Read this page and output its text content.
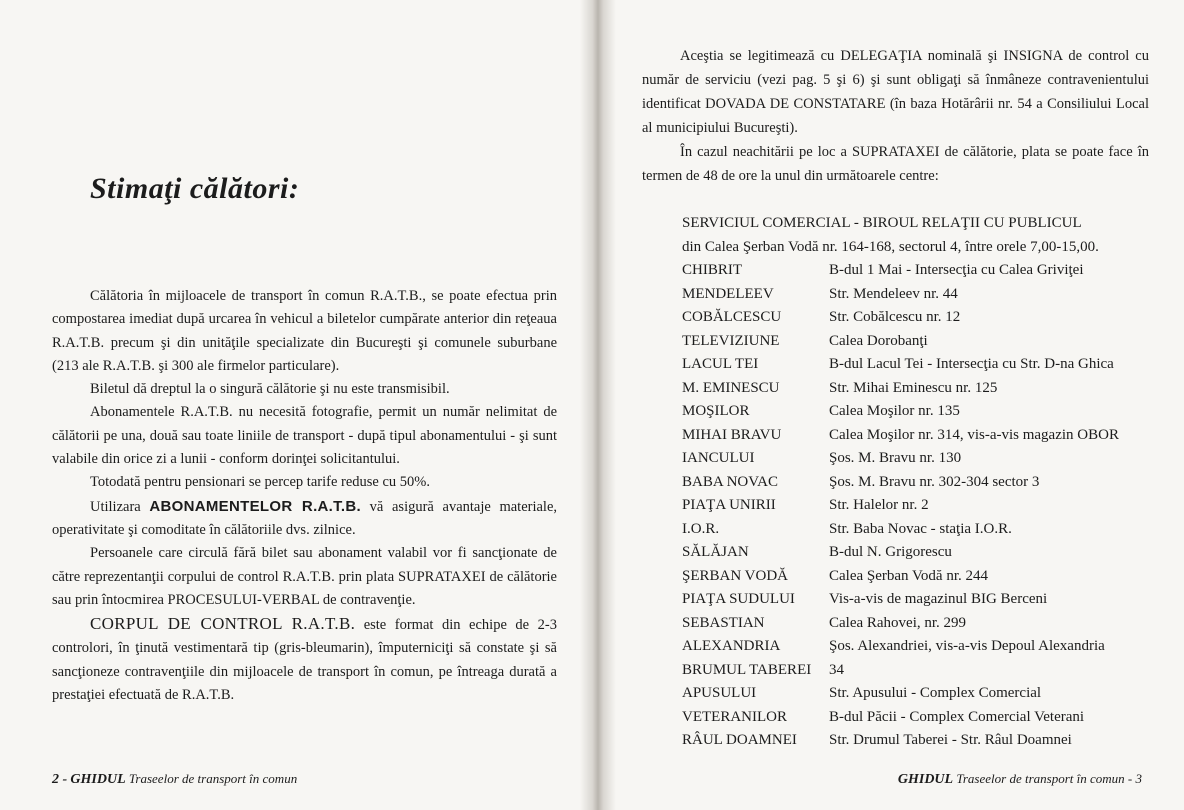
Stimaţi călători:

Călătoria în mijloacele de transport în comun R.A.T.B., se poate efectua prin compostarea imediat după urcarea în vehicul a biletelor cumpărate anterior din reţeaua R.A.T.B. precum şi din unităţile specializate din Bucureşti şi comunele suburbane (213 ale R.A.T.B. şi 300 ale firmelor particulare).

Biletul dă dreptul la o singură călătorie şi nu este transmisibil.

Abonamentele R.A.T.B. nu necesită fotografie, permit un număr nelimitat de călătorii pe una, două sau toate liniile de transport - după tipul abonamentului - şi sunt valabile din orice zi a lunii - conform dorinţei solicitantului.

Totodată pentru pensionari se percep tarife reduse cu 50%.

Utilizara ABONAMENTELOR R.A.T.B. vă asigură avantaje materiale, operativitate şi comoditate în călătoriile dvs. zilnice.

Persoanele care circulă fără bilet sau abonament valabil vor fi sancţionate de către reprezentanţii corpului de control R.A.T.B. prin plata SUPRATAXEI de călătorie sau prin întocmirea PROCESULUI-VERBAL de contravenţie.

CORPUL DE CONTROL R.A.T.B. este format din echipe de 2-3 controlori, în ţinută vestimentară tip (gris-bleumarin), împuterniciţi să constate şi să sancţioneze contravenţiile din mijloacele de transport în comun, pe întreaga durată a prestaţiei efectuată de R.A.T.B.

2 - GHIDUL Traseelor de transport în comun

Aceştia se legitimează cu DELEGAŢIA nominală şi INSIGNA de control cu număr de serviciu (vezi pag. 5 şi 6) şi sunt obligaţi să înmâneze contravenientului identificat DOVADA DE CONSTATARE (în baza Hotărârii nr. 54 a Consiliului Local al municipiului Bucureşti).

În cazul neachitării pe loc a SUPRATAXEI de călătorie, plata se poate face în termen de 48 de ore la unul din următoarele centre:

SERVICIUL COMERCIAL - BIROUL RELAŢII CU PUBLICUL
din Calea Şerban Vodă nr. 164-168, sectorul 4, între orele 7,00-15,00.
CHIBRIT	B-dul 1 Mai - Intersecţia cu Calea Griviţei
MENDELEEV	Str. Mendeleev nr. 44
COBĂLCESCU	Str. Cobălcescu nr. 12
TELEVIZIUNE	Calea Dorobanţi
LACUL TEI	B-dul Lacul Tei - Intersecţia cu Str. D-na Ghica
M. EMINESCU	Str. Mihai Eminescu nr. 125
MOŞILOR	Calea Moşilor nr. 135
MIHAI BRAVU	Calea Moşilor nr. 314, vis-a-vis magazin OBOR
IANCULUI	Şos. M. Bravu nr. 130
BABA NOVAC	Şos. M. Bravu nr. 302-304 sector 3
PIAŢA UNIRII	Str. Halelor nr. 2
I.O.R.	Str. Baba Novac - staţia I.O.R.
SĂLĂJAN	B-dul N. Grigorescu
ŞERBAN VODĂ	Calea Şerban Vodă nr. 244
PIAŢA SUDULUI	Vis-a-vis de magazinul BIG Berceni
SEBASTIAN	Calea Rahovei, nr. 299
ALEXANDRIA	Şos. Alexandriei, vis-a-vis Depoul Alexandria
BRUMUL TABEREI	34
APUSULUI	Str. Apusului - Complex Comercial
VETERANILOR	B-dul Păcii - Complex Comercial Veterani
RÂUL DOAMNEI	Str. Drumul Taberei - Str. Râul Doamnei
GHIDUL Traseelor de transport în comun - 3
